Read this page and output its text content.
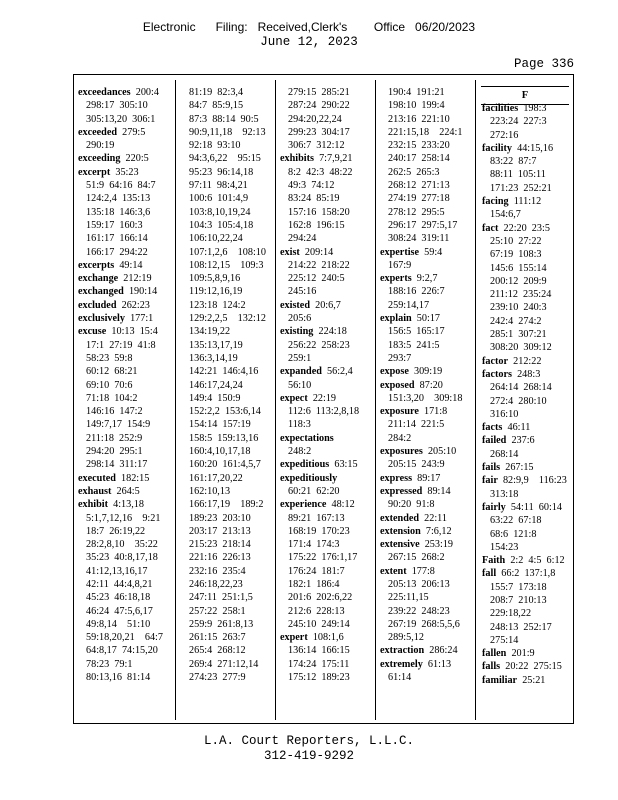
Electronic      Filing:   Received,Clerk's        Office   06/20/2023
June 12, 2023
Page 336
exceedances 200:4
298:17  305:10
305:13,20  306:1
exceeded 279:5
290:19
exceeding 220:5
excerpt 35:23
51:9  64:16  84:7
124:2,4  135:13
135:18  146:3,6
159:17  160:3
161:17  166:14
166:17  294:22
excerpts 49:14
exchange 212:19
exchanged 190:14
excluded 262:23
exclusively 177:1
excuse 10:13  15:4
17:1  27:19  41:8
58:23  59:8
60:12  68:21
69:10  70:6
71:18  104:2
146:16  147:2
149:7,17  154:9
211:18  252:9
294:20  295:1
298:14  311:17
executed 182:15
exhaust 264:5
exhibit 4:13,18
5:1,7,12,16    9:21
18:7  26:19,22
28:2,8,10    35:22
35:23  40:8,17,18
41:12,13,16,17
42:11  44:4,8,21
45:23  46:18,18
46:24  47:5,6,17
49:8,14    51:10
59:18,20,21    64:7
64:8,17  74:15,20
78:23  79:1
80:13,16  81:14
81:19  82:3,4
84:7  85:9,15
87:3  88:14  90:5
90:9,11,18    92:13
92:18  93:10
94:3,6,22    95:15
95:23  96:14,18
97:11  98:4,21
100:6  101:4,9
103:8,10,19,24
104:3  105:4,18
106:10,22,24
107:1,2,6    108:10
108:12,15    109:3
109:5,8,9,16
119:12,16,19
123:18  124:2
129:2,2,5    132:12
134:19,22
135:13,17,19
136:3,14,19
142:21  146:4,16
146:17,24,24
149:4  150:9
152:2,2  153:6,14
154:14  157:19
158:5  159:13,16
160:4,10,17,18
160:20  161:4,5,7
161:17,20,22
162:10,13
166:17,19    189:2
189:23  203:10
203:17  213:13
215:23  218:14
221:16  226:13
232:16  235:4
246:18,22,23
247:11  251:1,5
257:22  258:1
259:9  261:8,13
261:15  263:7
265:4  268:12
269:4  271:12,14
274:23  277:9
279:15  285:21
287:24  290:22
294:20,22,24
299:23  304:17
306:7  312:12
exhibits 7:7,9,21
8:2  42:3  48:22
49:3  74:12
83:24  85:19
157:16  158:20
162:8  196:15
294:24
exist 209:14
214:22  218:22
225:12  240:5
245:16
existed 20:6,7
205:6
existing 224:18
256:22  258:23
259:1
expanded 56:2,4
56:10
expect 22:19
112:6  113:2,8,18
118:3
expectations
248:2
expeditious 63:15
expeditiously
60:21  62:20
experience 48:12
89:21  167:13
168:19  170:23
171:4  174:3
175:22  176:1,17
176:24  181:7
182:1  186:4
201:6  202:6,22
212:6  228:13
245:10  249:14
expert 108:1,6
136:14  166:15
174:24  175:11
175:12  189:23
190:4  191:21
198:10  199:4
213:16  221:10
221:15,18    224:1
232:15  233:20
240:17  258:14
262:5  265:3
268:12  271:13
274:19  277:18
278:12  295:5
296:17  297:5,17
308:24  319:11
expertise 59:4
167:9
experts 9:2,7
188:16  226:7
259:14,17
explain 50:17
156:5  165:17
183:5  241:5
293:7
expose 309:19
exposed 87:20
151:3,20    309:18
exposure 171:8
211:14  221:5
284:2
exposures 205:10
205:15  243:9
express 89:17
expressed 89:14
90:20  91:8
extended 22:11
extension 7:6,12
extensive 253:19
267:15  268:2
extent 177:8
205:13  206:13
225:11,15
239:22  248:23
267:19  268:5,5,6
289:5,12
extraction 286:24
extremely 61:13
61:14
F
facilities 198:3
223:24  227:3
272:16
facility 44:15,16
83:22  87:7
88:11  105:11
171:23  252:21
facing 111:12
154:6,7
fact 22:20  23:5
25:10  27:22
67:19  108:3
145:6  155:14
200:12  209:9
211:12  235:24
239:10  240:3
242:4  274:2
285:1  307:21
308:20  309:12
factor 212:22
factors 248:3
264:14  268:14
272:4  280:10
316:10
facts 46:11
failed 237:6
268:14
fails 267:15
fair 82:9,9    116:23
313:18
fairly 54:11  60:14
63:22  67:18
68:6  121:8
154:23
Faith 2:2  4:5  6:12
fall 66:2  137:1,8
155:7  173:18
208:7  210:13
229:18,22
248:13  252:17
275:14
fallen 201:9
falls 20:22  275:15
familiar 25:21
L.A. Court Reporters, L.L.C.
312-419-9292
